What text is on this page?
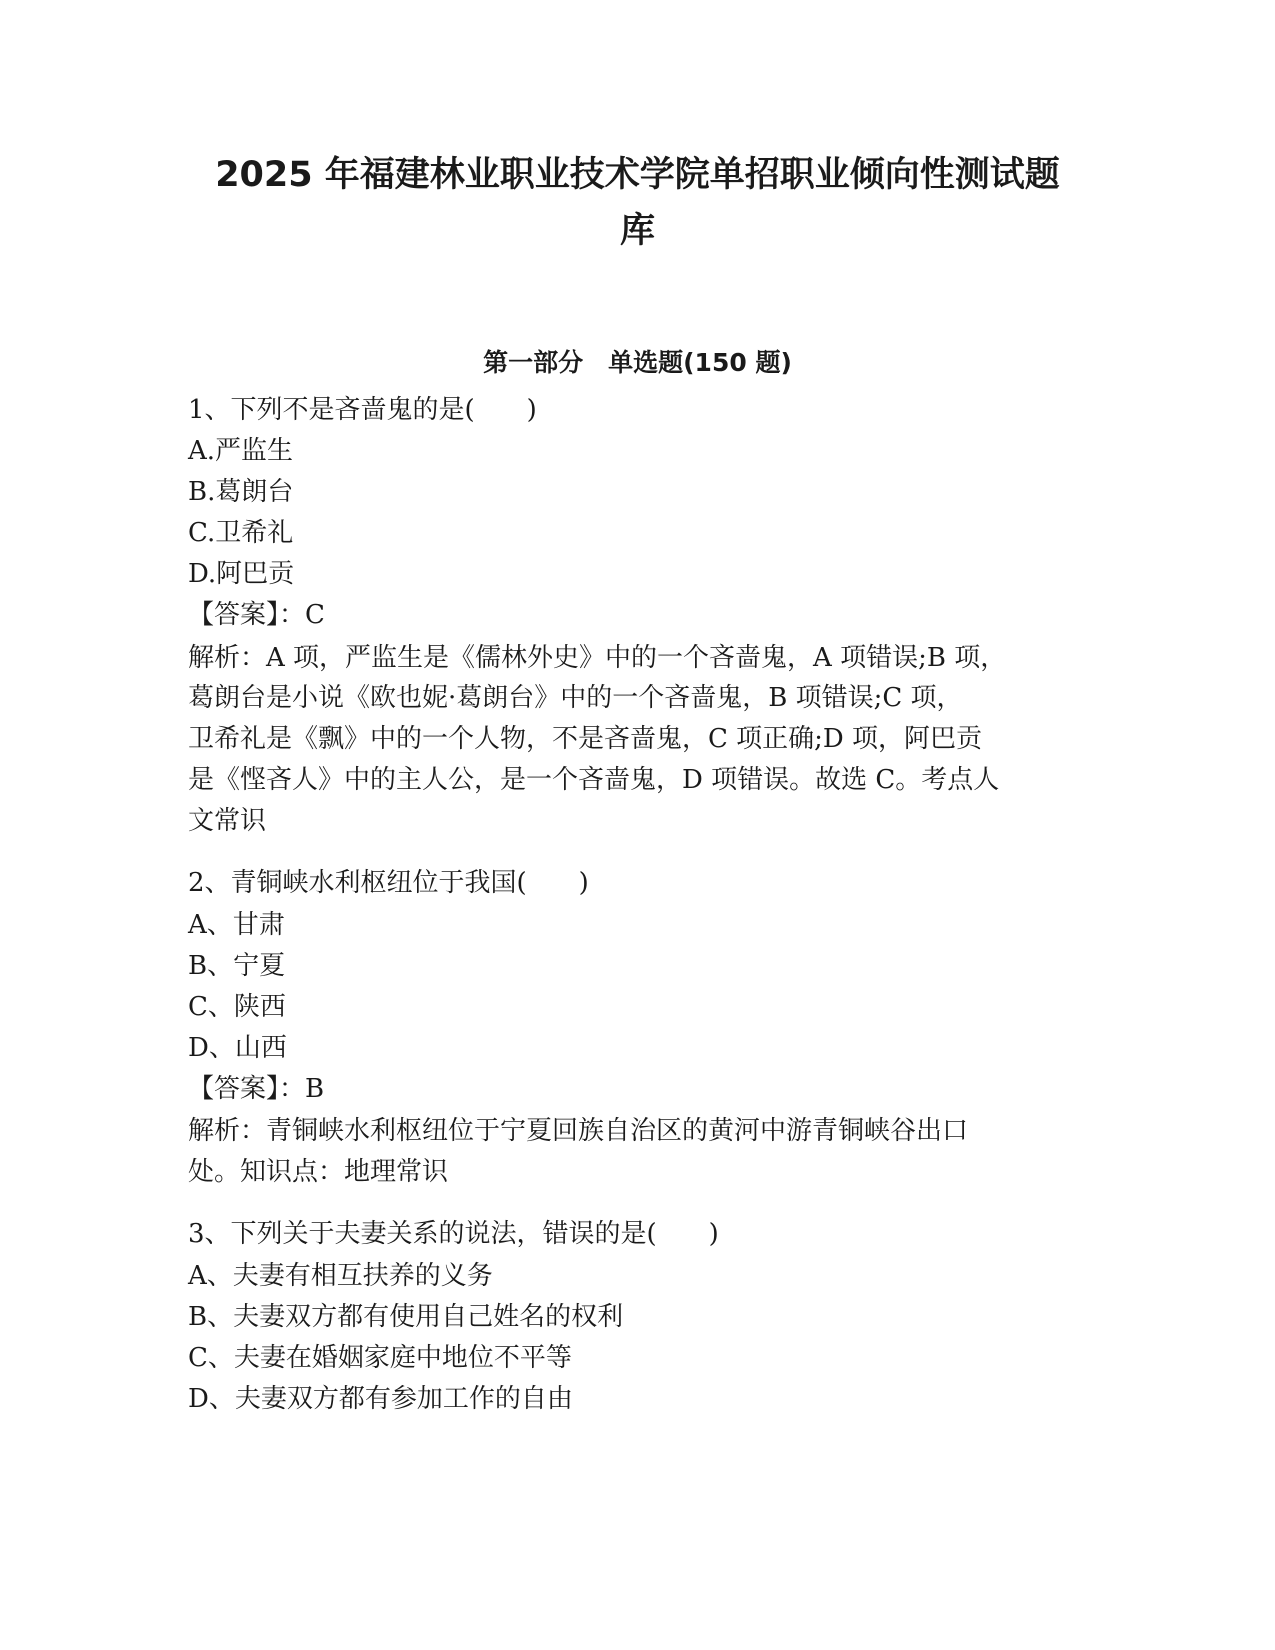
2025 年福建林业职业技术学院单招职业倾向性测试题
库
第一部分　单选题(150 题)

1、下列不是吝啬鬼的是(　　)

A.严监生

B.葛朗台

C.卫希礼

D.阿巴贡

【答案】：C

解析：A 项，严监生是《儒林外史》中的一个吝啬鬼，A 项错误;B 项，

葛朗台是小说《欧也妮·葛朗台》中的一个吝啬鬼，B 项错误;C 项，

卫希礼是《飘》中的一个人物，不是吝啬鬼，C 项正确;D 项，阿巴贡

是《悭吝人》中的主人公，是一个吝啬鬼，D 项错误。故选 C。考点人

文常识

2、青铜峡水利枢纽位于我国(　　)

A、甘肃

B、宁夏

C、陕西

D、山西

【答案】：B

解析：青铜峡水利枢纽位于宁夏回族自治区的黄河中游青铜峡谷出口

处。知识点：地理常识

3、下列关于夫妻关系的说法，错误的是(　　)

A、夫妻有相互扶养的义务

B、夫妻双方都有使用自己姓名的权利

C、夫妻在婚姻家庭中地位不平等

D、夫妻双方都有参加工作的自由
